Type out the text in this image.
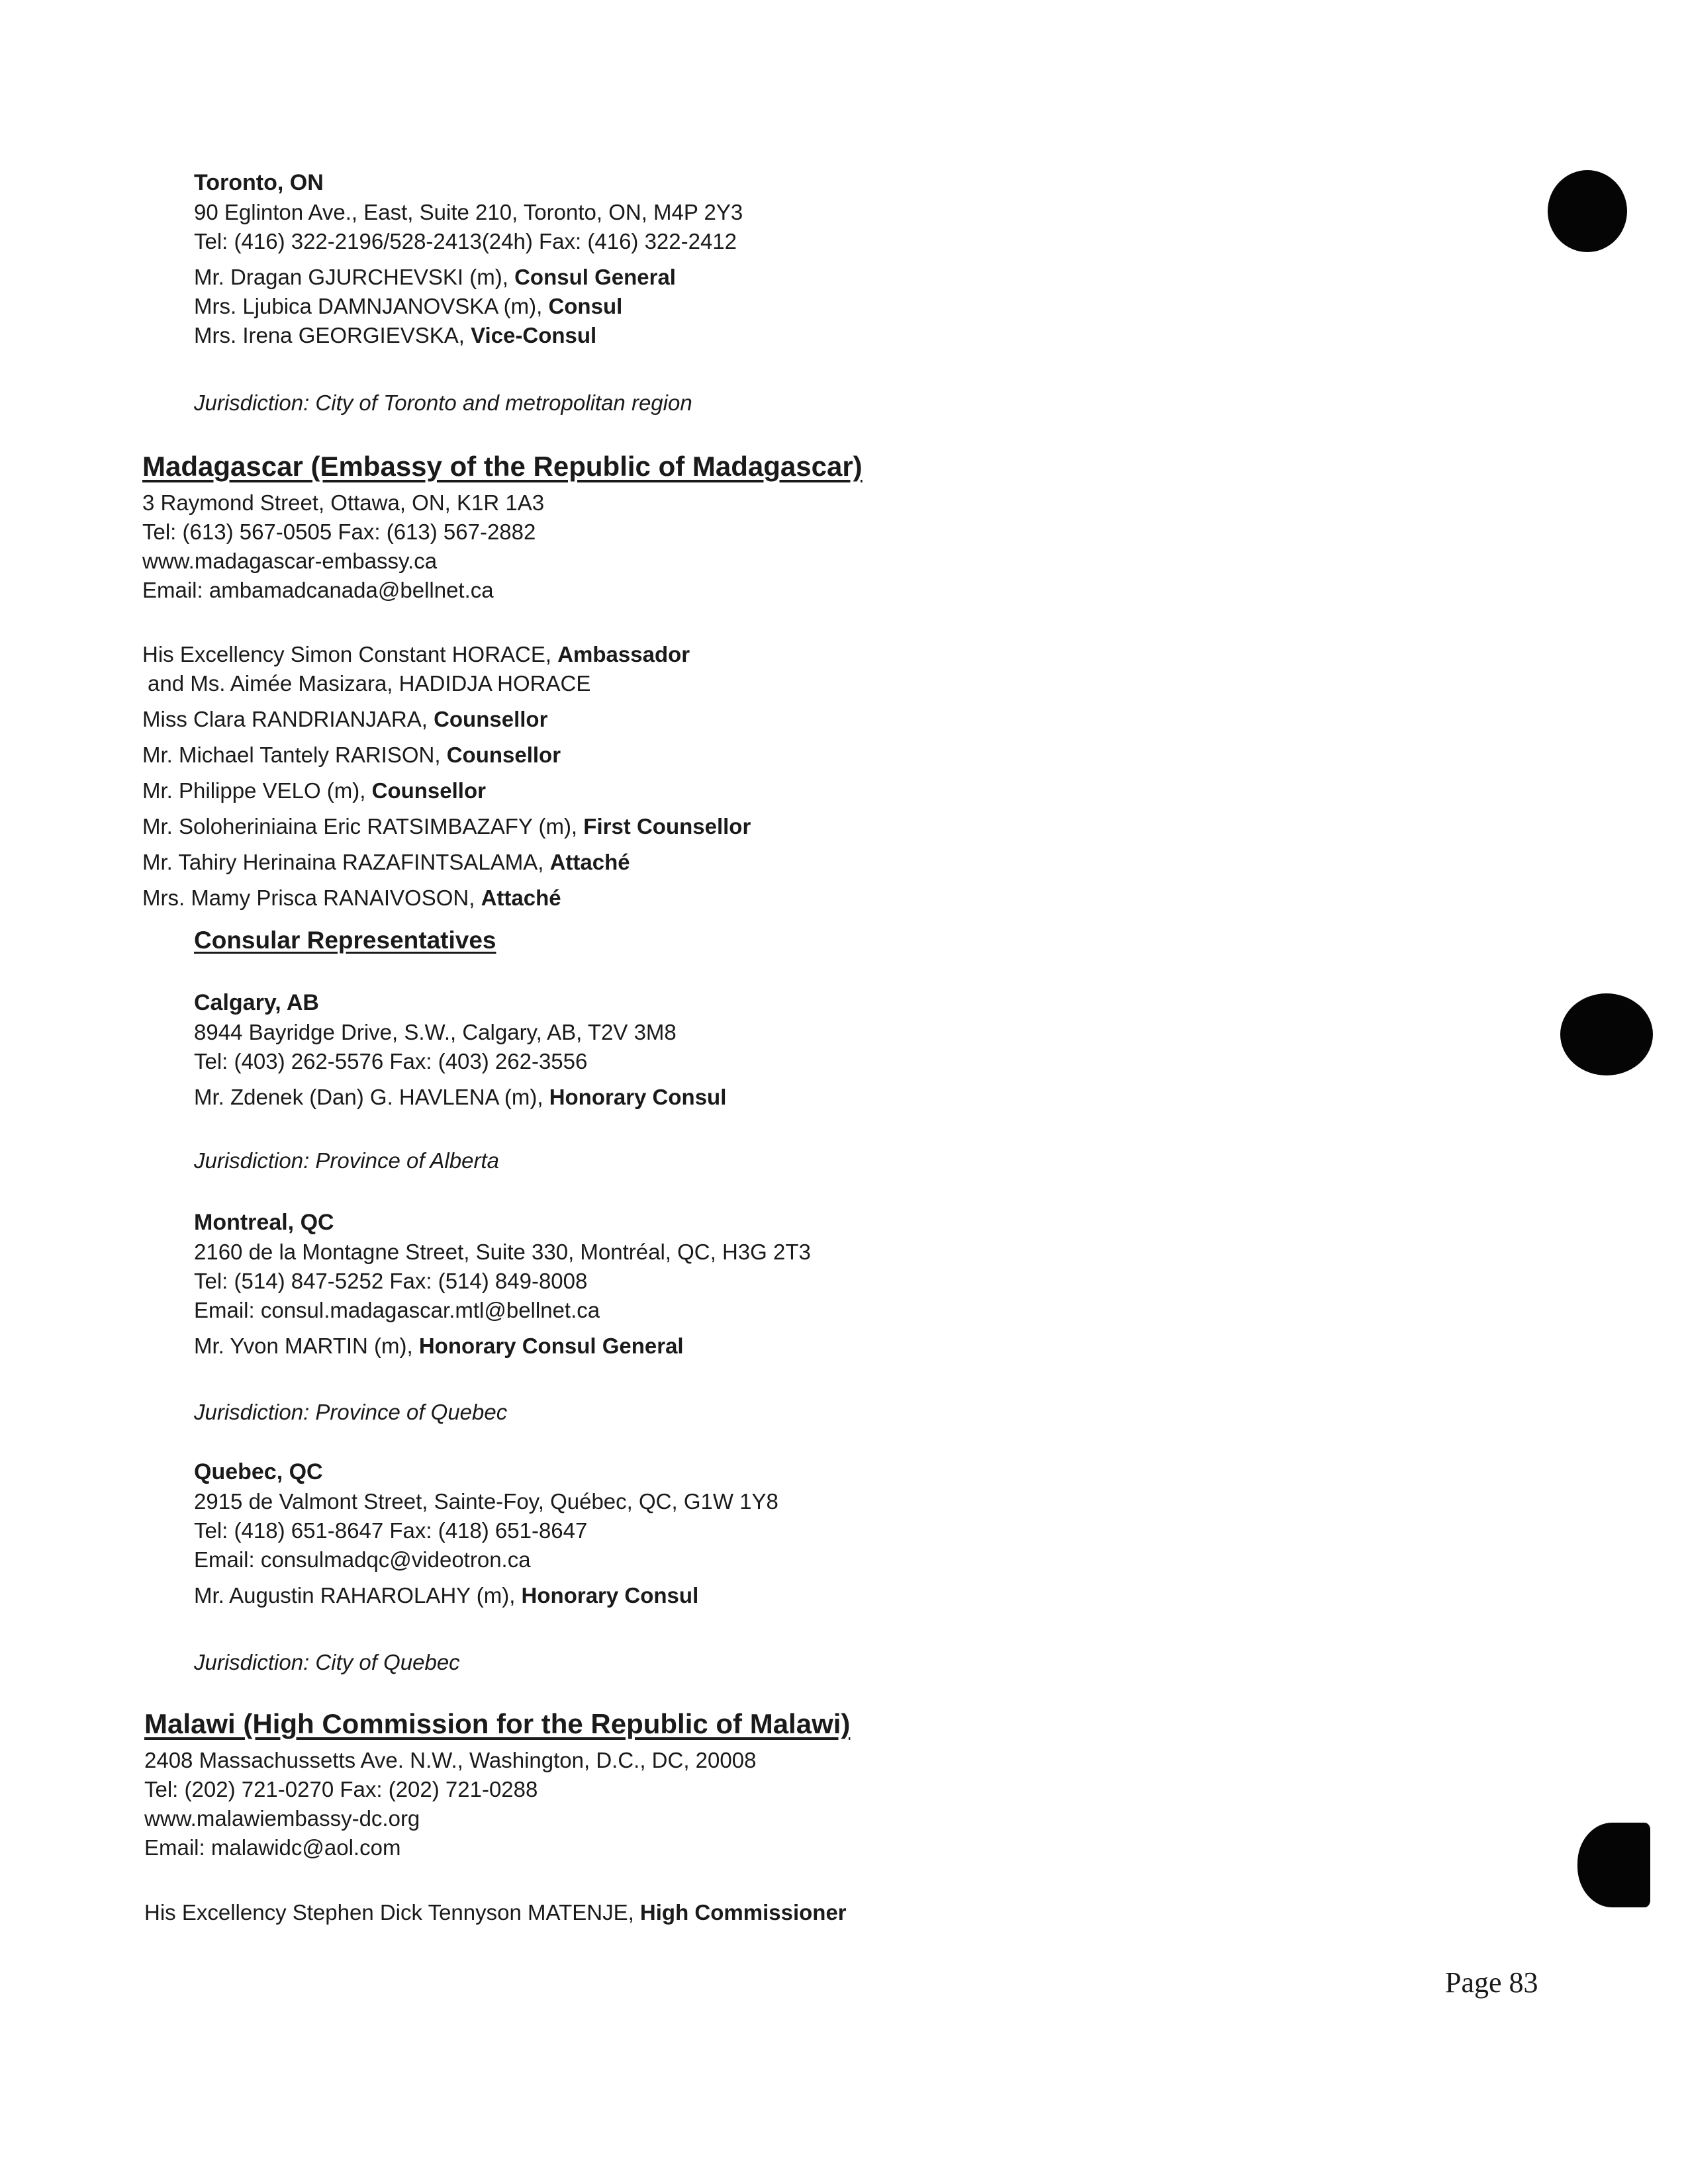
Toronto, ON
90 Eglinton Ave., East, Suite 210, Toronto, ON, M4P 2Y3
Tel: (416) 322-2196/528-2413(24h) Fax: (416) 322-2412
Mr. Dragan GJURCHEVSKI (m), Consul General
Mrs. Ljubica DAMNJANOVSKA (m), Consul
Mrs. Irena GEORGIEVSKA, Vice-Consul
Jurisdiction: City of Toronto and metropolitan region
Madagascar (Embassy of the Republic of Madagascar)
3 Raymond Street, Ottawa, ON, K1R 1A3
Tel: (613) 567-0505 Fax: (613) 567-2882
www.madagascar-embassy.ca
Email: ambamadcanada@bellnet.ca
His Excellency Simon Constant HORACE, Ambassador
and Ms. Aimée Masizara, HADIDJA HORACE
Miss Clara RANDRIANJARA, Counsellor
Mr. Michael Tantely RARISON, Counsellor
Mr. Philippe VELO (m), Counsellor
Mr. Soloheriniaina Eric RATSIMBAZAFY (m), First Counsellor
Mr. Tahiry Herinaina RAZAFINTSALAMA, Attaché
Mrs. Mamy Prisca RANAIVOSON, Attaché
Consular Representatives
Calgary, AB
8944 Bayridge Drive, S.W., Calgary, AB, T2V 3M8
Tel: (403) 262-5576 Fax: (403) 262-3556
Mr. Zdenek (Dan) G. HAVLENA (m), Honorary Consul
Jurisdiction: Province of Alberta
Montreal, QC
2160 de la Montagne Street, Suite 330, Montréal, QC, H3G 2T3
Tel: (514) 847-5252 Fax: (514) 849-8008
Email: consul.madagascar.mtl@bellnet.ca
Mr. Yvon MARTIN (m), Honorary Consul General
Jurisdiction: Province of Quebec
Quebec, QC
2915 de Valmont Street, Sainte-Foy, Québec, QC, G1W 1Y8
Tel: (418) 651-8647 Fax: (418) 651-8647
Email: consulmadqc@videotron.ca
Mr. Augustin RAHAROLAHY (m), Honorary Consul
Jurisdiction: City of Quebec
Malawi (High Commission for the Republic of Malawi)
2408 Massachussetts Ave. N.W., Washington, D.C., DC, 20008
Tel: (202) 721-0270 Fax: (202) 721-0288
www.malawiembassy-dc.org
Email: malawidc@aol.com
His Excellency Stephen Dick Tennyson MATENJE, High Commissioner
Page 83
